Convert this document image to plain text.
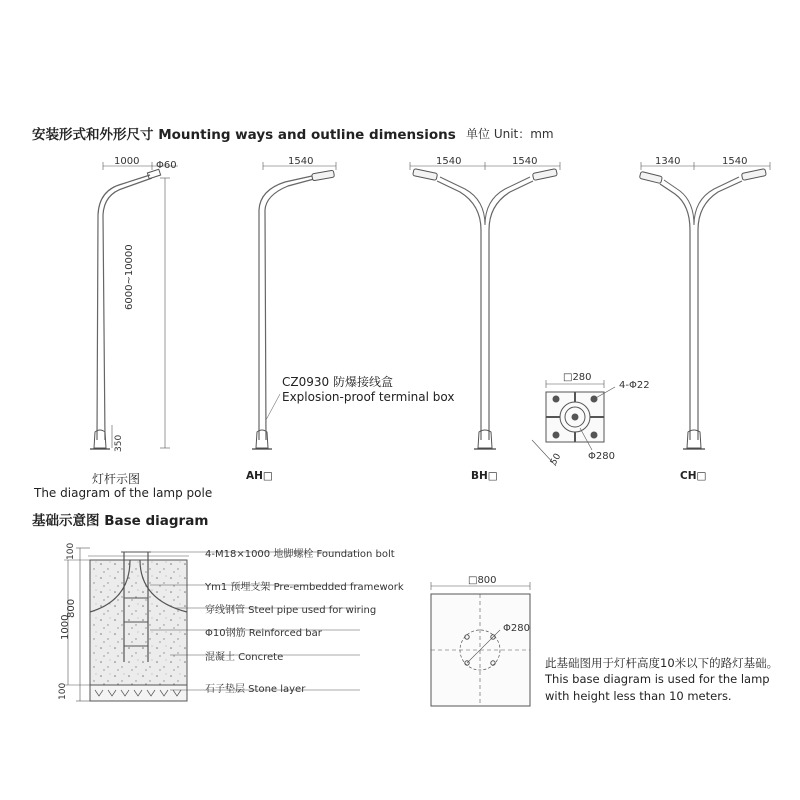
安装形式和外形尺寸 Mounting ways and outline dimensions 单位 Unit：mm
1000 Φ60
6000~10000
350
灯杆示图
The diagram of the lamp pole
1540
AH□
1540	1540
BH□
1340	1540
CH□
CZ0930 防爆接线盒
Explosion-proof terminal box
□280
4-Φ22
Φ280
50
基础示意图 Base diagram
1000
800
100
100
4-M18×1000 地脚螺栓 Foundation bolt
Ym1 预埋支架 Pre-embedded framework
穿线钢管 Steel pipe used for wiring
Φ10钢筋 Reinforced bar
混凝土 Concrete
石子垫层 Stone layer
□800
Φ280
此基础图用于灯杆高度10米以下的路灯基础。
This base diagram is used for the lamp
with height less than 10 meters.
